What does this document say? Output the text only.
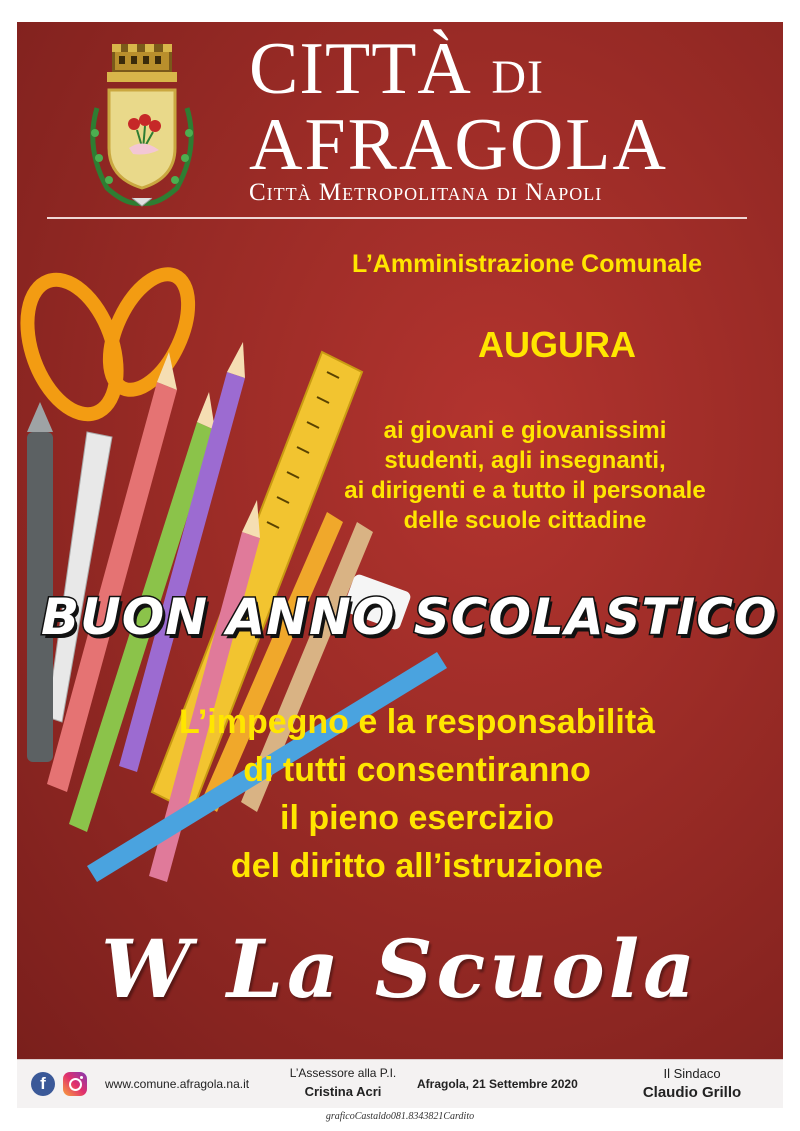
CITTÀ DI
AFRAGOLA
Città Metropolitana di Napoli
L’Amministrazione Comunale
AUGURA
ai giovani e giovanissimi
studenti, agli insegnanti,
ai dirigenti e a tutto il personale
delle scuole cittadine
BUON ANNO SCOLASTICO
L’impegno e la responsabilità
di tutti consentiranno
il pieno esercizio
del diritto all’istruzione
W La Scuola
f	www.comune.afragola.na.it
L’Assessore alla P.I.
Cristina Acri	Afragola, 21 Settembre 2020
Il Sindaco
Claudio Grillo
graficoCastaldo081.8343821Cardito
